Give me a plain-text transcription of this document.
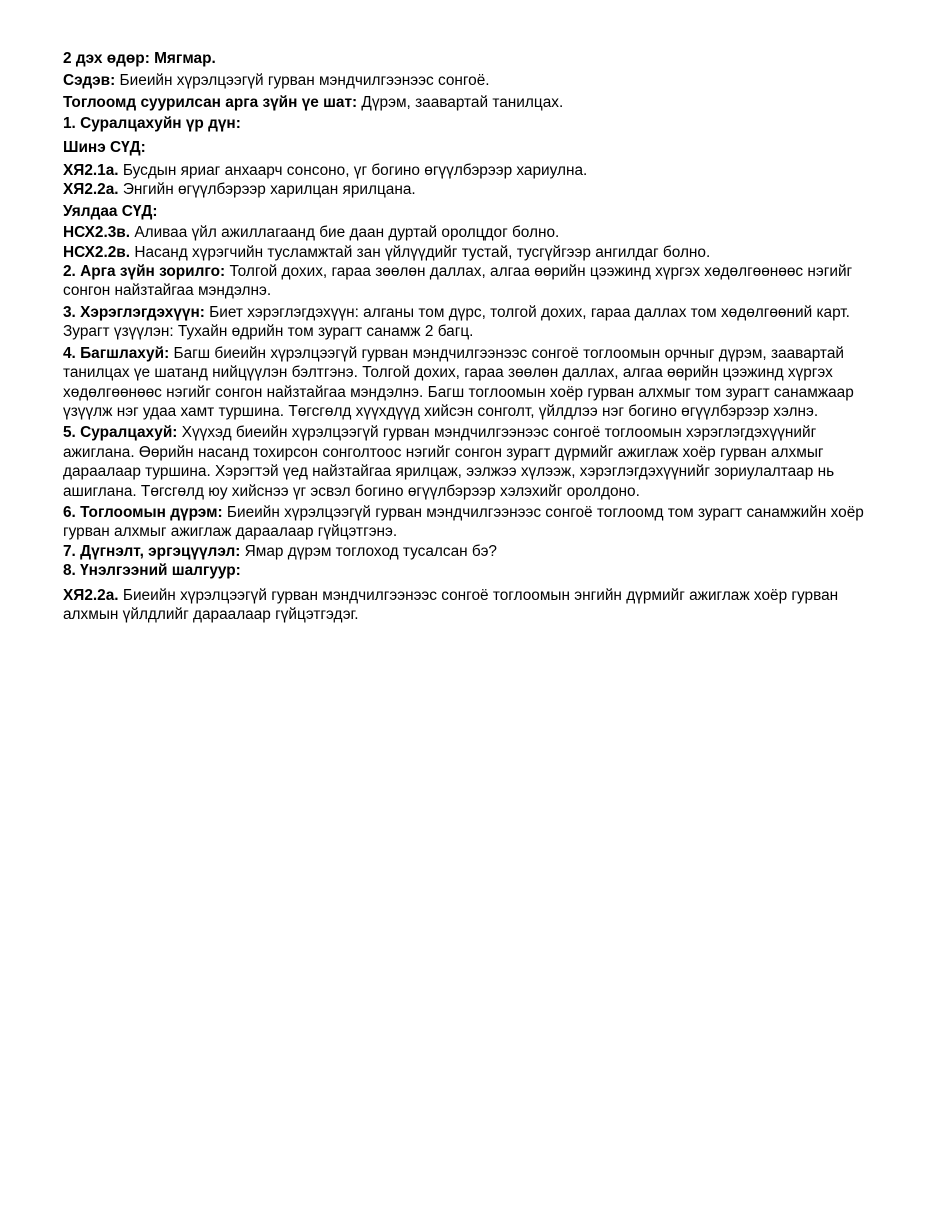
2 дэх өдөр: Мягмар.

Сэдэв: Биеийн хүрэлцээгүй гурван мэндчилгээнээс сонгоё.

Тоглоомд суурилсан арга зүйн үе шат: Дүрэм, заавартай танилцах.

1. Суралцахуйн үр дүн:

Шинэ СҮД:

ХЯ2.1а. Бусдын яриаг анхаарч сонсоно, үг богино өгүүлбэрээр хариулна.

ХЯ2.2а. Энгийн өгүүлбэрээр харилцан ярилцана.

Уялдаа СҮД:

НСХ2.3в. Аливаа үйл ажиллагаанд бие даан дуртай оролцдог болно.

НСХ2.2в. Насанд хүрэгчийн тусламжтай зан үйлүүдийг тустай, тусгүйгээр ангилдаг болно.

2. Арга зүйн зорилго: Толгой дохих, гараа зөөлөн даллах, алгаа өөрийн цээжинд хүргэх хөдөлгөөнөөс нэгийг сонгон найзтайгаа мэндэлнэ.

3. Хэрэглэгдэхүүн: Биет хэрэглэгдэхүүн: алганы том дүрс, толгой дохих, гараа даллах том хөдөлгөөний карт. Зурагт үзүүлэн: Тухайн өдрийн том зурагт санамж 2 багц.

4. Багшлахуй: Багш биеийн хүрэлцээгүй гурван мэндчилгээнээс сонгоё тоглоомын орчныг дүрэм, заавартай танилцах үе шатанд нийцүүлэн бэлтгэнэ. Толгой дохих, гараа зөөлөн даллах, алгаа өөрийн цээжинд хүргэх хөдөлгөөнөөс нэгийг сонгон найзтайгаа мэндэлнэ. Багш тоглоомын хоёр гурван алхмыг том зурагт санамжаар үзүүлж нэг удаа хамт туршина. Төгсгөлд хүүхдүүд хийсэн сонголт, үйлдлээ нэг богино өгүүлбэрээр хэлнэ.

5. Суралцахуй: Хүүхэд биеийн хүрэлцээгүй гурван мэндчилгээнээс сонгоё тоглоомын хэрэглэгдэхүүнийг ажиглана. Өөрийн насанд тохирсон сонголтоос нэгийг сонгон зурагт дүрмийг ажиглаж хоёр гурван алхмыг дараалаар туршина. Хэрэгтэй үед найзтайгаа ярилцаж, ээлжээ хүлээж, хэрэглэгдэхүүнийг зориулалтаар нь ашиглана. Төгсгөлд юу хийснээ үг эсвэл богино өгүүлбэрээр хэлэхийг оролдоно.

6. Тоглоомын дүрэм: Биеийн хүрэлцээгүй гурван мэндчилгээнээс сонгоё тоглоомд том зурагт санамжийн хоёр гурван алхмыг ажиглаж дараалаар гүйцэтгэнэ.

7. Дүгнэлт, эргэцүүлэл: Ямар дүрэм тоглоход тусалсан бэ?

8. Үнэлгээний шалгуур:

ХЯ2.2а. Биеийн хүрэлцээгүй гурван мэндчилгээнээс сонгоё тоглоомын энгийн дүрмийг ажиглаж хоёр гурван алхмын үйлдлийг дараалаар гүйцэтгэдэг.
